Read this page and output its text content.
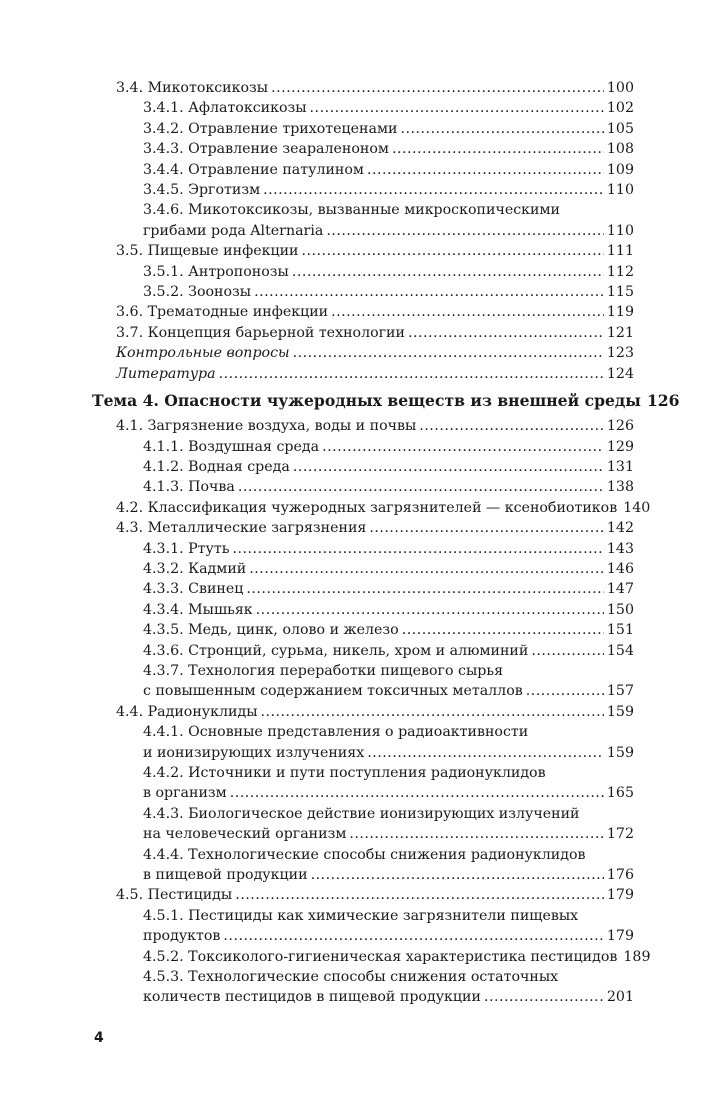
3.4. Микотоксикозы .....	100
3.4.1. Афлатоксикозы .....	102
3.4.2. Отравление трихотеценами .....	105
3.4.3. Отравление зеараленоном .....	108
3.4.4. Отравление патулином .....	109
3.4.5. Эрготизм .....	110
3.4.6. Микотоксикозы, вызванные микроскопическими
грибами рода Alternaria .....	110
3.5. Пищевые инфекции .....	111
3.5.1. Антропонозы .....	112
3.5.2. Зоонозы .....	115
3.6. Трематодные инфекции .....	119
3.7. Концепция барьерной технологии .....	121
Контрольные вопросы .....	123
Литература .....	124
Тема 4. Опасности чужеродных веществ из внешней среды 126
4.1. Загрязнение воздуха, воды и почвы .....	126
4.1.1. Воздушная среда .....	129
4.1.2. Водная среда .....	131
4.1.3. Почва .....	138
4.2. Классификация чужеродных загрязнителей — ксенобиотиков 140
4.3. Металлические загрязнения .....	142
4.3.1. Ртуть .....	143
4.3.2. Кадмий .....	146
4.3.3. Свинец .....	147
4.3.4. Мышьяк .....	150
4.3.5. Медь, цинк, олово и железо .....	151
4.3.6. Стронций, сурьма, никель, хром и алюминий .....	154
4.3.7. Технология переработки пищевого сырья
с повышенным содержанием токсичных металлов .....	157
4.4. Радионуклиды .....	159
4.4.1. Основные представления о радиоактивности
и ионизирующих излучениях .....	159
4.4.2. Источники и пути поступления радионуклидов
в организм .....	165
4.4.3. Биологическое действие ионизирующих излучений
на человеческий организм .....	172
4.4.4. Технологические способы снижения радионуклидов
в пищевой продукции .....	176
4.5. Пестициды .....	179
4.5.1. Пестициды как химические загрязнители пищевых
продуктов .....	179
4.5.2. Токсиколого-гигиеническая характеристика пестицидов 189
4.5.3. Технологические способы снижения остаточных
количеств пестицидов в пищевой продукции .....	201
4
